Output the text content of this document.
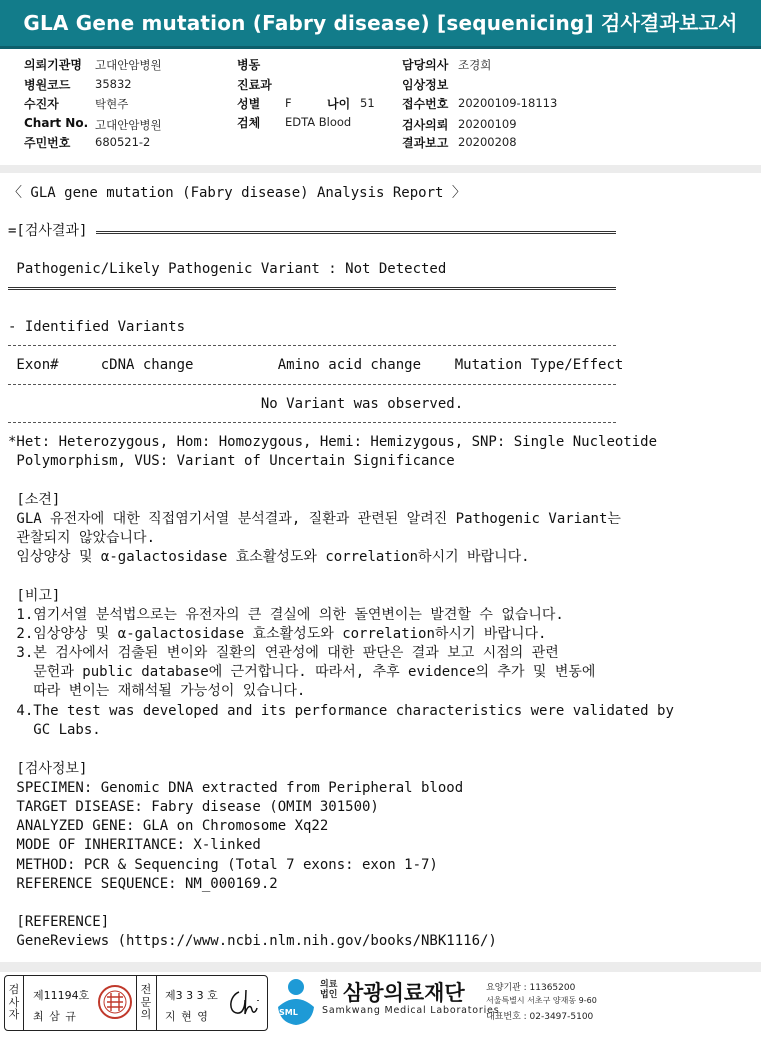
GLA Gene mutation (Fabry disease) [sequenicing] 검사결과보고서
의뢰기관명 고대안암병원
병원코드 35832
수진자	탁현주
Chart No. 고대안암병원
주민번호 680521-2
병동
진료과
성별 F	나이 51
검체 EDTA Blood
담당의사 조경희
임상정보
접수번호 20200109-18113
검사의뢰 20200109
결과보고 20200208
〈 GLA gene mutation (Fabry disease) Analysis Report 〉
=[검사결과]
Pathogenic/Likely Pathogenic Variant : Not Detected
- Identified Variants
Exon#     cDNA change          Amino acid change    Mutation Type/Effect
No Variant was observed.
*Het: Heterozygous, Hom: Homozygous, Hemi: Hemizygous, SNP: Single Nucleotide
Polymorphism, VUS: Variant of Uncertain Significance
[소견]
GLA 유전자에 대한 직접염기서열 분석결과, 질환과 관련된 알려진 Pathogenic Variant는
관찰되지 않았습니다.
임상양상 및 α-galactosidase 효소활성도와 correlation하시기 바랍니다.
[비고]
1.염기서열 분석법으로는 유전자의 큰 결실에 의한 돌연변이는 발견할 수 없습니다.
2.임상양상 및 α-galactosidase 효소활성도와 correlation하시기 바랍니다.
3.본 검사에서 검출된 변이와 질환의 연관성에 대한 판단은 결과 보고 시점의 관련
문헌과 public database에 근거합니다. 따라서, 추후 evidence의 추가 및 변동에
따라 변이는 재해석될 가능성이 있습니다.
4.The test was developed and its performance characteristics were validated by
GC Labs.
[검사정보]
SPECIMEN: Genomic DNA extracted from Peripheral blood
TARGET DISEASE: Fabry disease (OMIM 301500)
ANALYZED GENE: GLA on Chromosome Xq22
MODE OF INHERITANCE: X-linked
METHOD: PCR & Sequencing (Total 7 exons: exon 1-7)
REFERENCE SEQUENCE: NM_000169.2
[REFERENCE]
GeneReviews (https://www.ncbi.nlm.nih.gov/books/NBK1116/)
검사자
제11194호
최 삼 규
전문의
제3 3 3 호
지 현 영	SML
의료법인 삼광의료재단
Samkwang Medical Laboratories
요양기관 : 11365200
서울특별시 서초구 양재동 9-60
대표번호 : 02-3497-5100
